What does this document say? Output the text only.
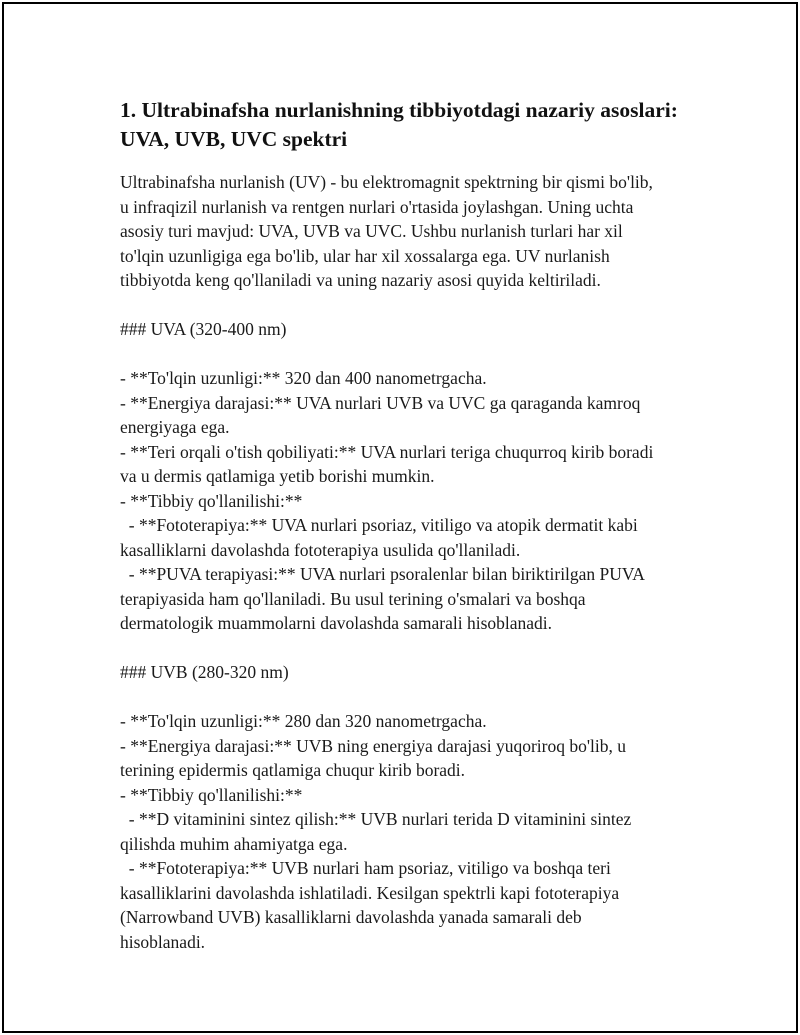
1. Ultrabinafsha nurlanishning tibbiyotdagi nazariy asoslari:
UVA, UVB, UVC spektri
Ultrabinafsha nurlanish (UV) - bu elektromagnit spektrning bir qismi bo'lib,
u infraqizil nurlanish va rentgen nurlari o'rtasida joylashgan. Uning uchta
asosiy turi mavjud: UVA, UVB va UVC. Ushbu nurlanish turlari har xil
to'lqin uzunligiga ega bo'lib, ular har xil xossalarga ega. UV nurlanish
tibbiyotda keng qo'llaniladi va uning nazariy asosi quyida keltiriladi.
### UVA (320-400 nm)
- **To'lqin uzunligi:** 320 dan 400 nanometrgacha.
- **Energiya darajasi:** UVA nurlari UVB va UVC ga qaraganda kamroq
energiyaga ega.
- **Teri orqali o'tish qobiliyati:** UVA nurlari teriga chuqurroq kirib boradi
va u dermis qatlamiga yetib borishi mumkin.
- **Tibbiy qo'llanilishi:**
- **Fototerapiya:** UVA nurlari psoriaz, vitiligo va atopik dermatit kabi
kasalliklarni davolashda fototerapiya usulida qo'llaniladi.
- **PUVA terapiyasi:** UVA nurlari psoralenlar bilan biriktirilgan PUVA
terapiyasida ham qo'llaniladi. Bu usul terining o'smalari va boshqa
dermatologik muammolarni davolashda samarali hisoblanadi.
### UVB (280-320 nm)
- **To'lqin uzunligi:** 280 dan 320 nanometrgacha.
- **Energiya darajasi:** UVB ning energiya darajasi yuqoriroq bo'lib, u
terining epidermis qatlamiga chuqur kirib boradi.
- **Tibbiy qo'llanilishi:**
- **D vitaminini sintez qilish:** UVB nurlari terida D vitaminini sintez
qilishda muhim ahamiyatga ega.
- **Fototerapiya:** UVB nurlari ham psoriaz, vitiligo va boshqa teri
kasalliklarini davolashda ishlatiladi. Kesilgan spektrli kapi fototerapiya
(Narrowband UVB) kasalliklarni davolashda yanada samarali deb
hisoblanadi.
